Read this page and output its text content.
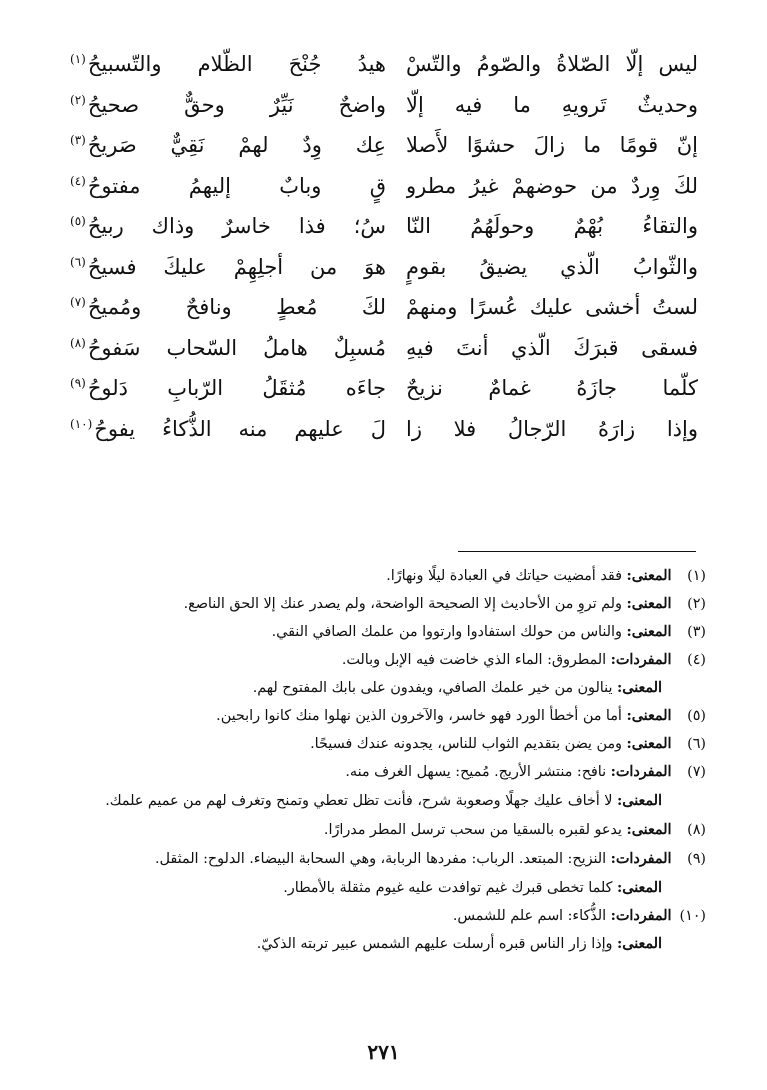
ليس إلّا الصّلاةُ والصّومُ والتّسْ
هيدُ جُنْحَ الظّلام والتّسبيحُ$^{(١)}$
وحديثٌ تَرويهِ ما فيه إلّا
واضحٌ نَيِّرٌ وحقٌّ صحيحُ$^{(٢)}$
إنّ قومًا ما زالَ حشوًا لأَصلا
عِك وِدٌ لهمْ نَقِيٌّ صَريحُ$^{(٣)}$
لكَ وِردٌ من حوضهمْ غيرُ مطرو
قٍ وبابٌ إليهمُ مفتوحُ$^{(٤)}$
والتقاءُ بُهْمٌ وحولَهُمُ النّا
سُ؛ فذا خاسرٌ وذاك ربيحُ$^{(٥)}$
والثّوابُ الّذي يضيقُ بقومٍ
هوَ من أجلِهِمْ عليكَ فسيحُ$^{(٦)}$
لستُ أخشى عليك عُسرًا ومنهمْ
لكَ مُعطٍ ونافحٌ ومُميحُ$^{(٧)}$
فسقى قبرَكَ الّذي أنتَ فيهِ
مُسبِلٌ هاملُ السّحاب سَفوحُ$^{(٨)}$
كلّما جازَهُ غمامٌ نزيحٌ
جاءَه مُثقَلُ الرّبابِ دَلوحُ$^{(٩)}$
وإذا زارَهُ الرّجالُ فلا زا
لَ عليهم منه الذُّكاءُ يفوحُ$^{(١٠)}$
(١) المعنى: فقد أمضيت حياتك في العبادة ليلًا ونهارًا.
(٢) المعنى: ولم تروِ من الأحاديث إلا الصحيحة الواضحة، ولم يصدر عنك إلا الحق الناصع.
(٣) المعنى: والناس من حولك استفادوا وارتووا من علمك الصافي النقي.
(٤) المفردات: المطروق: الماء الذي خاضت فيه الإبل وبالت.
المعنى: ينالون من خير علمك الصافي، ويفدون على بابك المفتوح لهم.
(٥) المعنى: أما من أخطأ الورد فهو خاسر، والآخرون الذين نهلوا منك كانوا رابحين.
(٦) المعنى: ومن يضن بتقديم الثواب للناس، يجدونه عندك فسيحًا.
(٧) المفردات: نافح: منتشر الأريج. مُميح: يسهل الغرف منه.
المعنى: لا أخاف عليك جهلًا وصعوبة شرح، فأنت تظل تعطي وتمنح وتغرف لهم من عميم علمك.
(٨) المعنى: يدعو لقبره بالسقيا من سحب ترسل المطر مدرارًا.
(٩) المفردات: النزيح: المبتعد. الرباب: مفردها الربابة، وهي السحابة البيضاء. الدلوح: المثقل.
المعنى: كلما تخطى قبرك غيم توافدت عليه غيوم مثقلة بالأمطار.
(١٠) المفردات: الذُّكاء: اسم علم للشمس.
المعنى: وإذا زار الناس قبره أرسلت عليهم الشمس عبير تربته الذكيّ.
٢٧١
